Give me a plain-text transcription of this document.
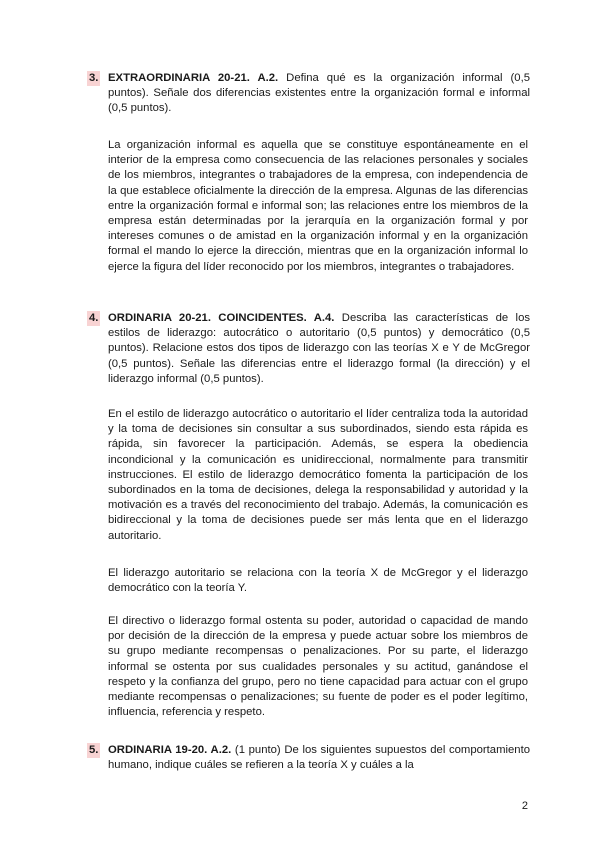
3. EXTRAORDINARIA 20-21. A.2. Defina qué es la organización informal (0,5 puntos). Señale dos diferencias existentes entre la organización formal e informal (0,5 puntos).
La organización informal es aquella que se constituye espontáneamente en el interior de la empresa como consecuencia de las relaciones personales y sociales de los miembros, integrantes o trabajadores de la empresa, con independencia de la que establece oficialmente la dirección de la empresa. Algunas de las diferencias entre la organización formal e informal son; las relaciones entre los miembros de la empresa están determinadas por la jerarquía en la organización formal y por intereses comunes o de amistad en la organización informal y en la organización formal el mando lo ejerce la dirección, mientras que en la organización informal lo ejerce la figura del líder reconocido por los miembros, integrantes o trabajadores.
4. ORDINARIA 20-21. COINCIDENTES. A.4. Describa las características de los estilos de liderazgo: autocrático o autoritario (0,5 puntos) y democrático (0,5 puntos). Relacione estos dos tipos de liderazgo con las teorías X e Y de McGregor (0,5 puntos). Señale las diferencias entre el liderazgo formal (la dirección) y el liderazgo informal (0,5 puntos).
En el estilo de liderazgo autocrático o autoritario el líder centraliza toda la autoridad y la toma de decisiones sin consultar a sus subordinados, siendo esta rápida es rápida, sin favorecer la participación. Además, se espera la obediencia incondicional y la comunicación es unidireccional, normalmente para transmitir instrucciones. El estilo de liderazgo democrático fomenta la participación de los subordinados en la toma de decisiones, delega la responsabilidad y autoridad y la motivación es a través del reconocimiento del trabajo. Además, la comunicación es bidireccional y la toma de decisiones puede ser más lenta que en el liderazgo autoritario.
El liderazgo autoritario se relaciona con la teoría X de McGregor y el liderazgo democrático con la teoría Y.
El directivo o liderazgo formal ostenta su poder, autoridad o capacidad de mando por decisión de la dirección de la empresa y puede actuar sobre los miembros de su grupo mediante recompensas o penalizaciones. Por su parte, el liderazgo informal se ostenta por sus cualidades personales y su actitud, ganándose el respeto y la confianza del grupo, pero no tiene capacidad para actuar con el grupo mediante recompensas o penalizaciones; su fuente de poder es el poder legítimo, influencia, referencia y respeto.
5. ORDINARIA 19-20. A.2. (1 punto) De los siguientes supuestos del comportamiento humano, indique cuáles se refieren a la teoría X y cuáles a la
2
